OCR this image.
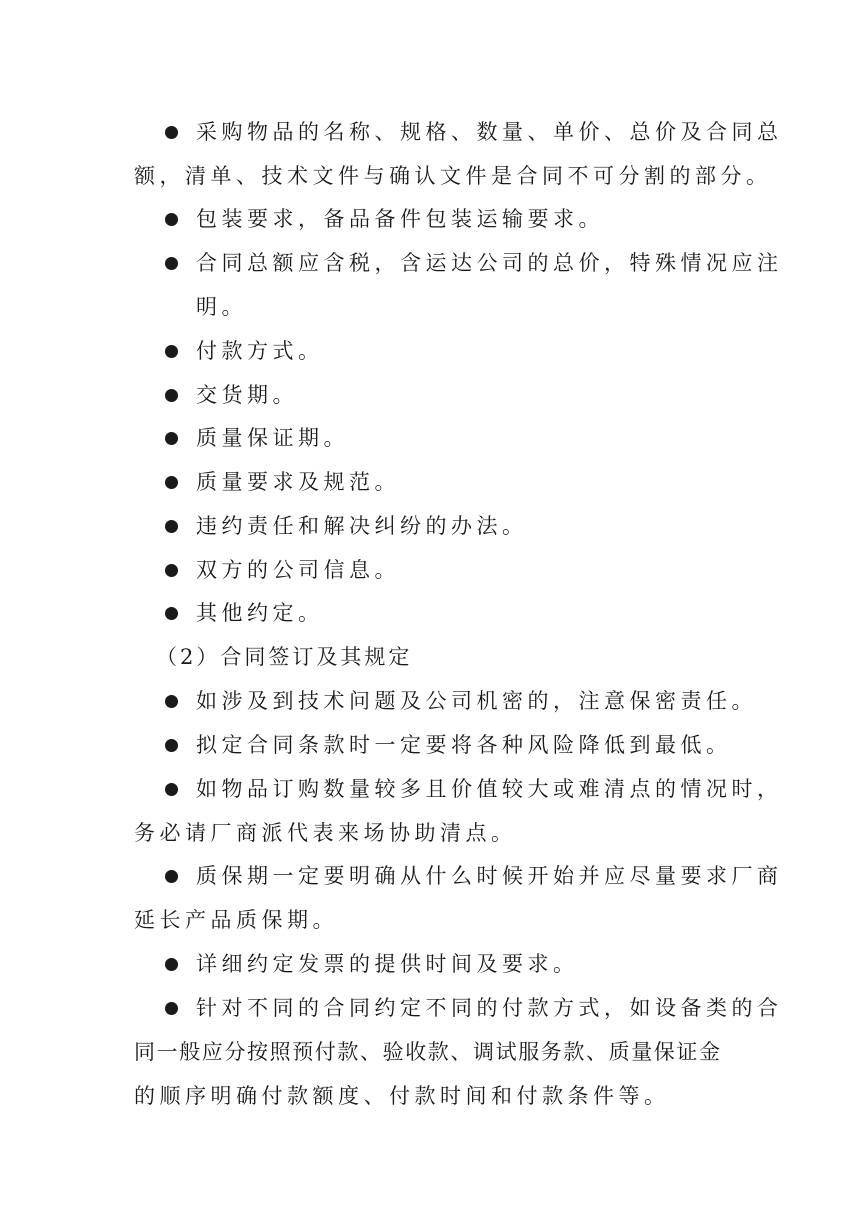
采购物品的名称、规格、数量、单价、总价及合同总
额，清单、技术文件与确认文件是合同不可分割的部分。
包装要求，备品备件包装运输要求。
合同总额应含税，含运达公司的总价，特殊情况应注
明。
付款方式。
交货期。
质量保证期。
质量要求及规范。
违约责任和解决纠纷的办法。
双方的公司信息。
其他约定。
（2）合同签订及其规定
如涉及到技术问题及公司机密的，注意保密责任。
拟定合同条款时一定要将各种风险降低到最低。
如物品订购数量较多且价值较大或难清点的情况时，
务必请厂商派代表来场协助清点。
质保期一定要明确从什么时候开始并应尽量要求厂商
延长产品质保期。
详细约定发票的提供时间及要求。
针对不同的合同约定不同的付款方式，如设备类的合
同一般应分按照预付款、验收款、调试服务款、质量保证金
的顺序明确付款额度、付款时间和付款条件等。
